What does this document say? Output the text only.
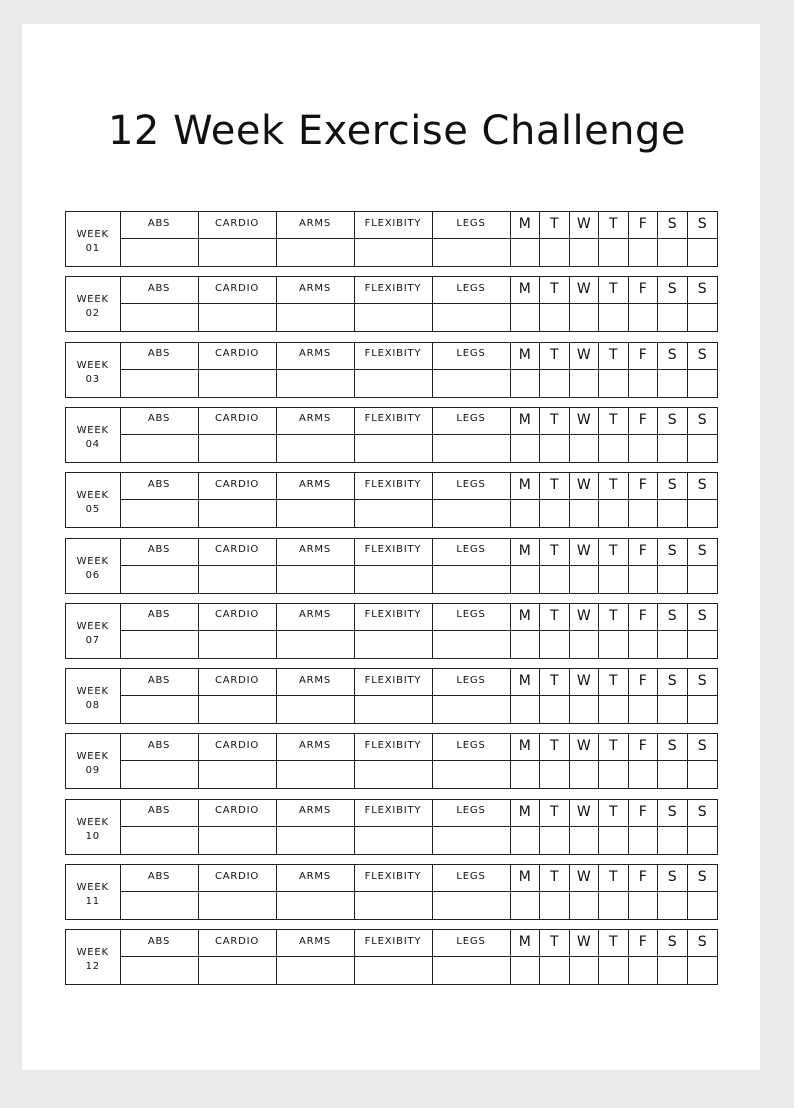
12 Week Exercise Challenge
WEEK
01
ABS	CARDIO	ARMS	FLEXIBITY	LEGS	M	T	W	T	F	S	S
WEEK
02
ABS	CARDIO	ARMS	FLEXIBITY	LEGS	M	T	W	T	F	S	S
WEEK
03
ABS	CARDIO	ARMS	FLEXIBITY	LEGS	M	T	W	T	F	S	S
WEEK
04
ABS	CARDIO	ARMS	FLEXIBITY	LEGS	M	T	W	T	F	S	S
WEEK
05
ABS	CARDIO	ARMS	FLEXIBITY	LEGS	M	T	W	T	F	S	S
WEEK
06
ABS	CARDIO	ARMS	FLEXIBITY	LEGS	M	T	W	T	F	S	S
WEEK
07
ABS	CARDIO	ARMS	FLEXIBITY	LEGS	M	T	W	T	F	S	S
WEEK
08
ABS	CARDIO	ARMS	FLEXIBITY	LEGS	M	T	W	T	F	S	S
WEEK
09
ABS	CARDIO	ARMS	FLEXIBITY	LEGS	M	T	W	T	F	S	S
WEEK
10
ABS	CARDIO	ARMS	FLEXIBITY	LEGS	M	T	W	T	F	S	S
WEEK
11
ABS	CARDIO	ARMS	FLEXIBITY	LEGS	M	T	W	T	F	S	S
WEEK
12
ABS	CARDIO	ARMS	FLEXIBITY	LEGS	M	T	W	T	F	S	S
